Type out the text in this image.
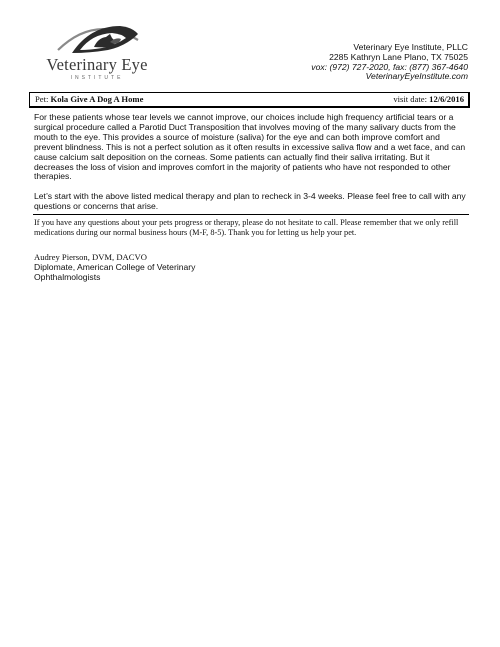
Veterinary Eye
INSTITUTE
Veterinary Eye Institute, PLLC
2285 Kathryn Lane Plano, TX 75025
vox: (972) 727-2020, fax: (877) 367-4640
VeterinaryEyeInstitute.com
Pet: Kola Give A Dog A Home	visit date: 12/6/2016

For these patients whose tear levels we cannot improve, our choices include high frequency artificial tears or a surgical procedure called a Parotid Duct Transposition that involves moving of the many salivary ducts from the mouth to the eye. This provides a source of moisture (saliva) for the eye and can both improve comfort and prevent blindness. This is not a perfect solution as it often results in excessive saliva flow and a wet face, and can cause calcium salt deposition on the corneas. Some patients can actually find their saliva irritating. But it decreases the loss of vision and improves comfort in the majority of patients who have not responded to other therapies.

Let’s start with the above listed medical therapy and plan to recheck in 3-4 weeks. Please feel free to call with any questions or concerns that arise.

If you have any questions about your pets progress or therapy, please do not hesitate to call. Please remember that we only refill medications during our normal business hours (M-F, 8-5). Thank you for letting us help your pet.
Audrey Pierson, DVM, DACVO
Diplomate, American College of Veterinary
Ophthalmologists
